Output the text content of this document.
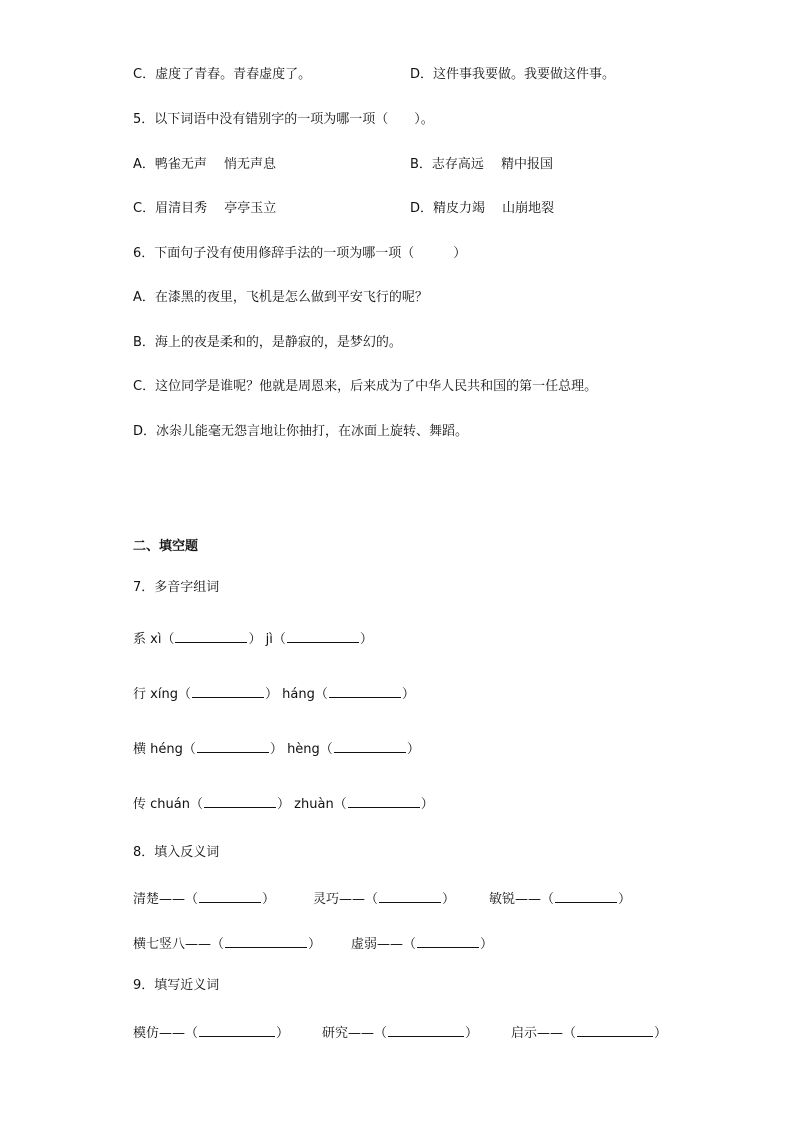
C．虚度了青春。青春虚度了。	D．这件事我要做。我要做这件事。
5．以下词语中没有错别字的一项为哪一项（　　）。
A．鸭雀无声　 悄无声息	B．志存高远　 精中报国
C．眉清目秀　 亭亭玉立	D．精皮力竭　 山崩地裂
6．下面句子没有使用修辞手法的一项为哪一项（　　　）
A．在漆黑的夜里，飞机是怎么做到平安飞行的呢？
B．海上的夜是柔和的，是静寂的，是梦幻的。
C．这位同学是谁呢？他就是周恩来，后来成为了中华人民共和国的第一任总理。
D．冰尜儿能毫无怨言地让你抽打，在冰面上旋转、舞蹈。
二、填空题
7．多音字组词
系 xì（	） jì（	）
行 xíng（	） háng（	）
横 héng（	） hèng（	）
传 chuán（	） zhuàn（	）
8．填入反义词
清楚——（	）	灵巧——（	）	敏锐——（	）
横七竖八——（	） 虚弱——（	）
9．填写近义词
模仿——（	）	研究——（	）	启示——（	）
